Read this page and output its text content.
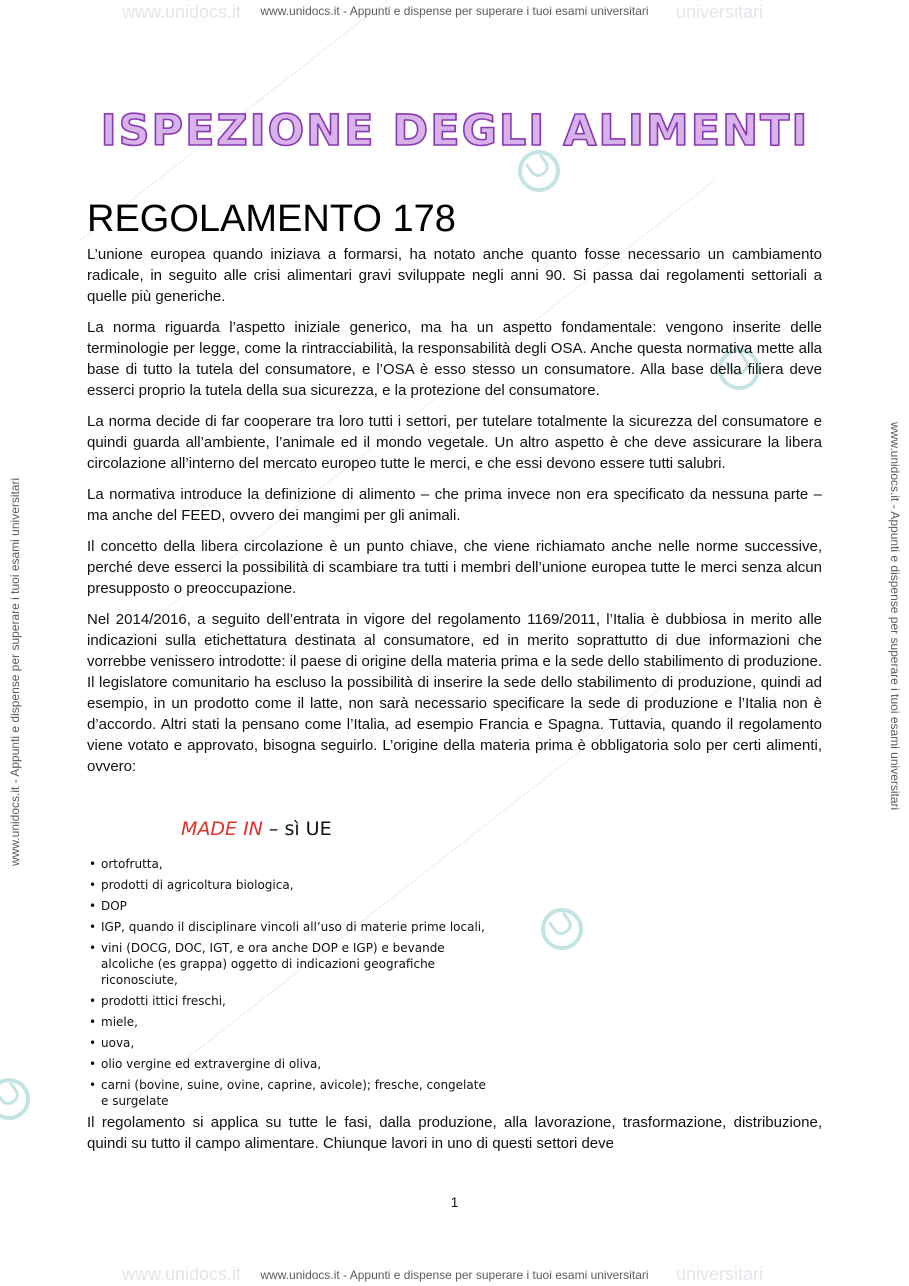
www.unidocs.it	universitari
www.unidocs.it	universitari
www.unidocs.it - Appunti e dispense per superare i tuoi esami universitari
www.unidocs.it - Appunti e dispense per superare i tuoi esami universitari
www.unidocs.it - Appunti e dispense per superare i tuoi esami universitari	www.unidocs.it - Appunti e dispense per superare i tuoi esami universitari
ISPEZIONE DEGLI ALIMENTI
REGOLAMENTO 178

L’unione europea quando iniziava a formarsi, ha notato anche quanto fosse necessario un cambiamento radicale, in seguito alle crisi alimentari gravi sviluppate negli anni 90. Si passa dai regolamenti settoriali a quelle più generiche.

La norma riguarda l’aspetto iniziale generico, ma ha un aspetto fondamentale: vengono inserite delle terminologie per legge, come la rintracciabilità, la responsabilità degli OSA. Anche questa normativa mette alla base di tutto la tutela del consumatore, e l’OSA è esso stesso un consumatore. Alla base della filiera deve esserci proprio la tutela della sua sicurezza, e la protezione del consumatore.

La norma decide di far cooperare tra loro tutti i settori, per tutelare totalmente la sicurezza del consumatore e quindi guarda all’ambiente, l’animale ed il mondo vegetale. Un altro aspetto è che deve assicurare la libera circolazione all’interno del mercato europeo tutte le merci, e che essi devono essere tutti salubri.

La normativa introduce la definizione di alimento – che prima invece non era specificato da nessuna parte – ma anche del FEED, ovvero dei mangimi per gli animali.

Il concetto della libera circolazione è un punto chiave, che viene richiamato anche nelle norme successive, perché deve esserci la possibilità di scambiare tra tutti i membri dell’unione europea tutte le merci senza alcun presupposto o preoccupazione.

Nel 2014/2016, a seguito dell’entrata in vigore del regolamento 1169/2011, l’Italia è dubbiosa in merito alle indicazioni sulla etichettatura destinata al consumatore, ed in merito soprattutto di due informazioni che vorrebbe venissero introdotte: il paese di origine della materia prima e la sede dello stabilimento di produzione. Il legislatore comunitario ha escluso la possibilità di inserire la sede dello stabilimento di produzione, quindi ad esempio, in un prodotto come il latte, non sarà necessario specificare la sede di produzione e l’Italia non è d’accordo. Altri stati la pensano come l’Italia, ad esempio Francia e Spagna. Tuttavia, quando il regolamento viene votato e approvato, bisogna seguirlo. L’origine della materia prima è obbligatoria solo per certi alimenti, ovvero:

MADE IN – sì UE
• ortofrutta,
• prodotti di agricoltura biologica,
• DOP
• IGP, quando il disciplinare vincoli all’uso di materie prime locali,
• vini (DOCG, DOC, IGT, e ora anche DOP e IGP) e bevande alcoliche (es grappa) oggetto di indicazioni geografiche riconosciute,
• prodotti ittici freschi,
• miele,
• uova,
• olio vergine ed extravergine di oliva,
• carni (bovine, suine, ovine, caprine, avicole); fresche, congelate e surgelate

Il regolamento si applica su tutte le fasi, dalla produzione, alla lavorazione, trasformazione, distribuzione, quindi su tutto il campo alimentare. Chiunque lavori in uno di questi settori deve

1
